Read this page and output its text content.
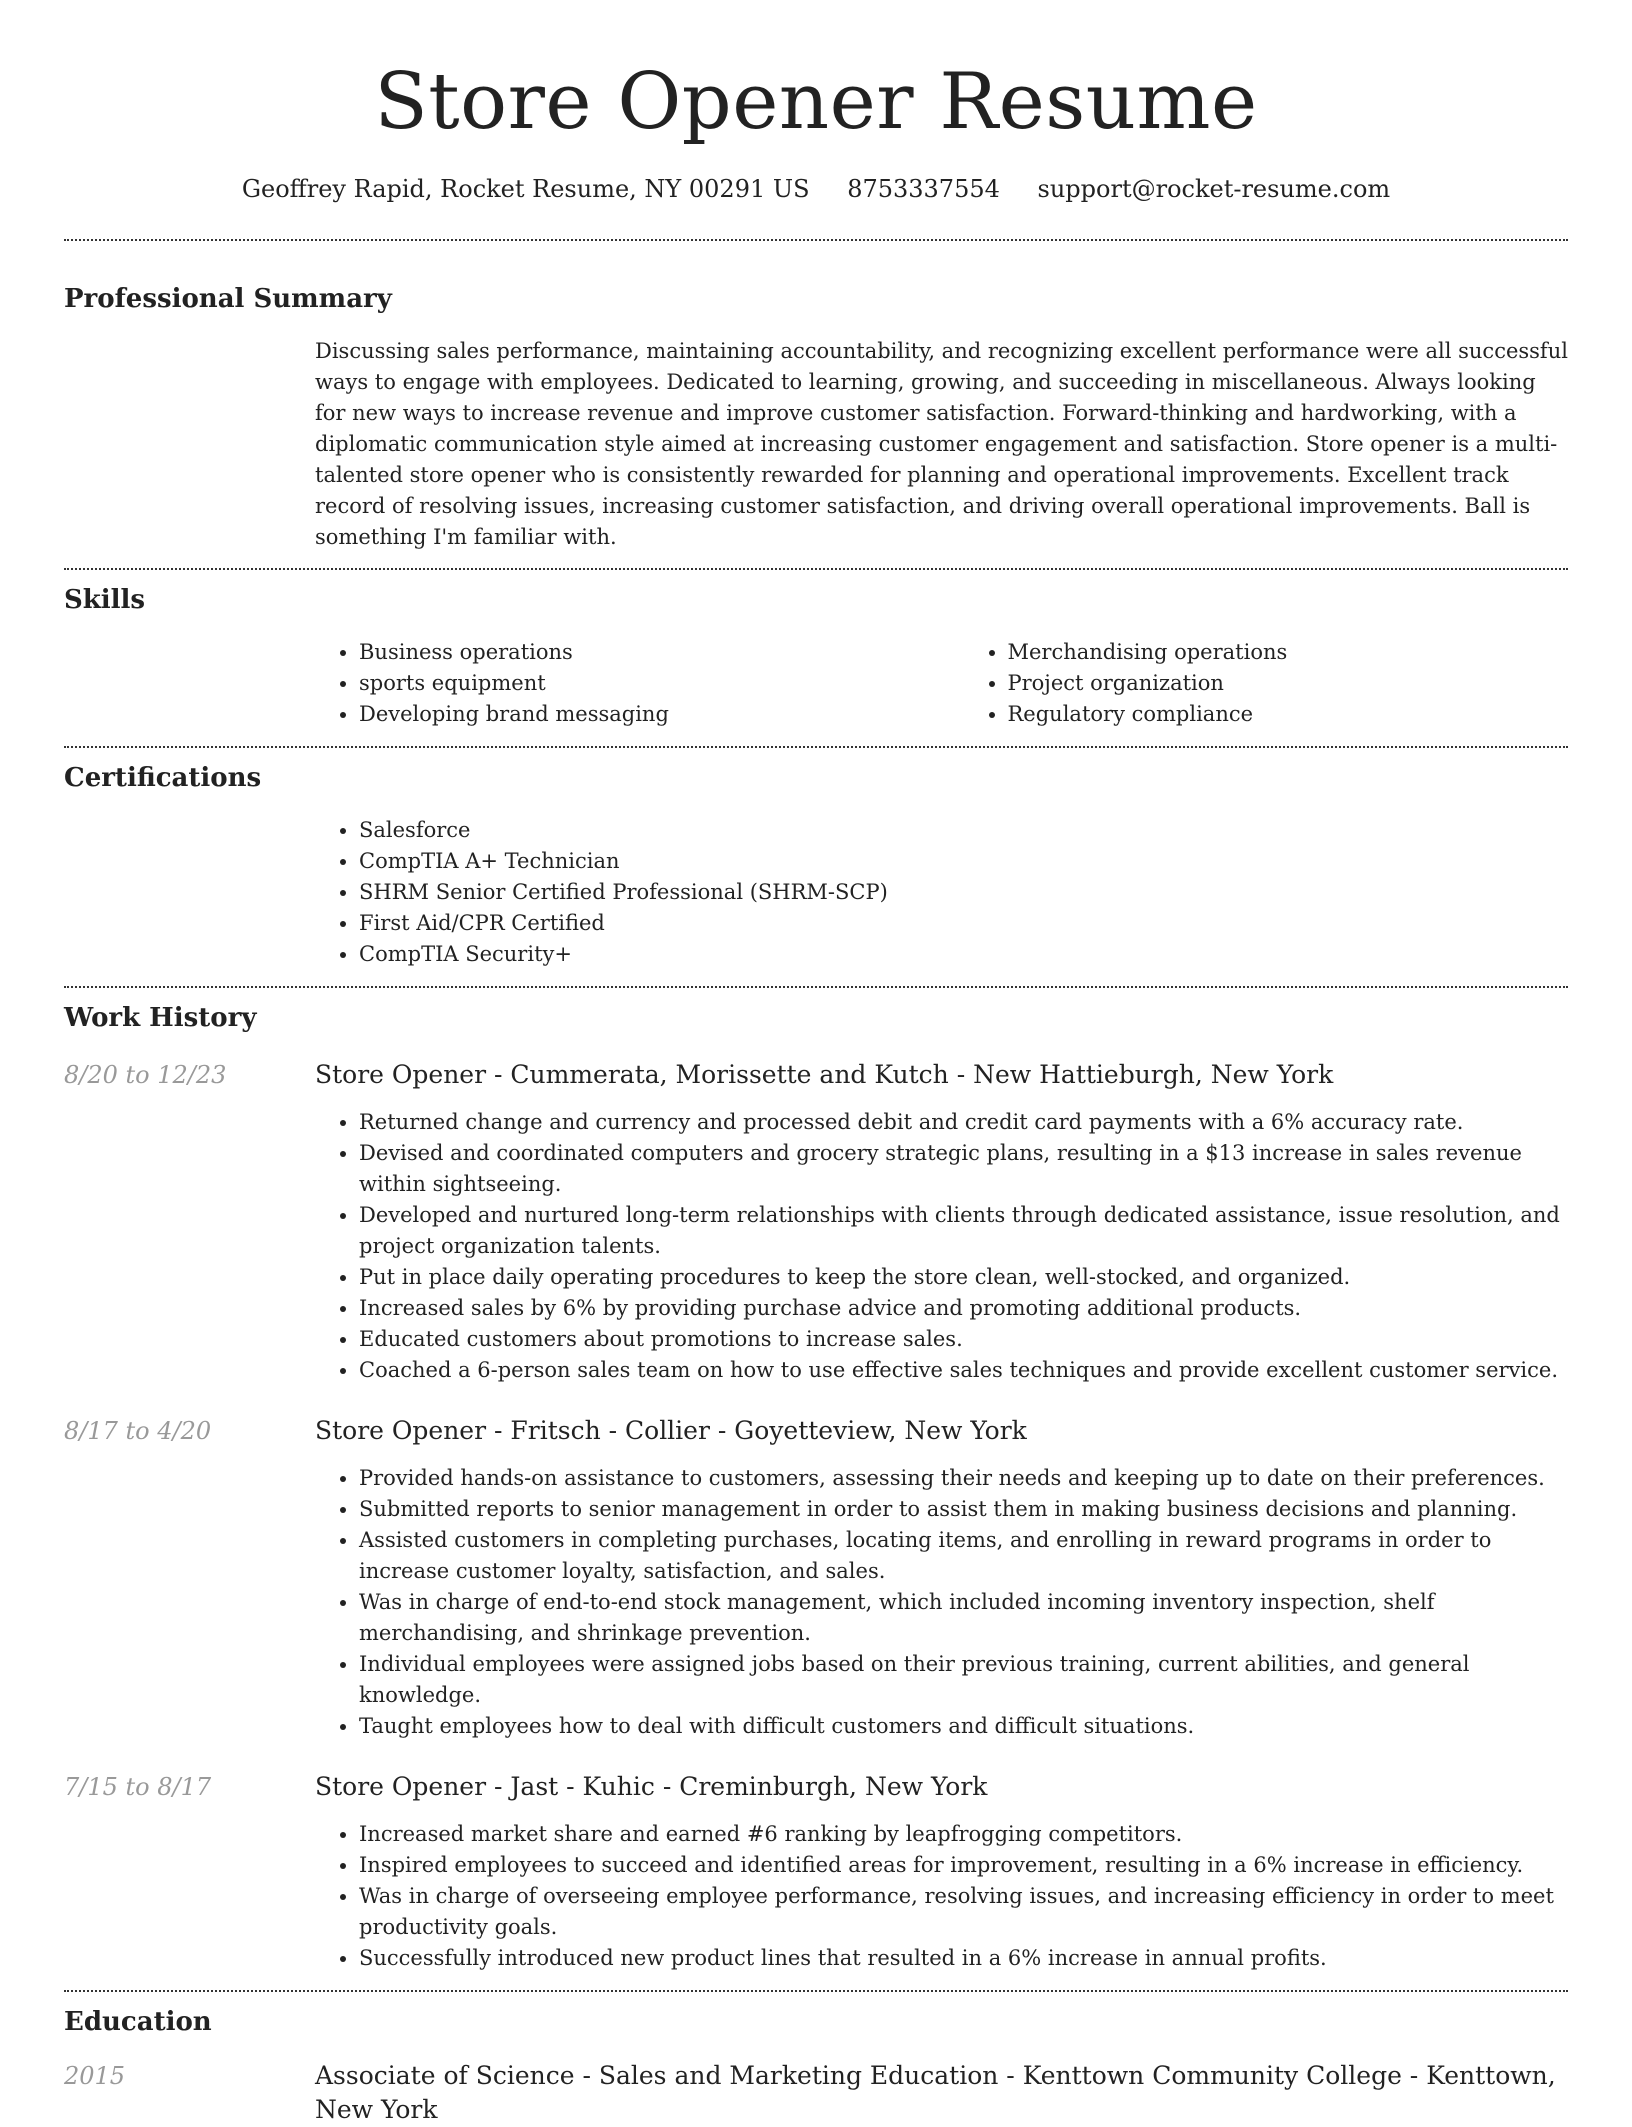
Store Opener Resume
Geoffrey Rapid, Rocket Resume, NY 00291 US 8753337554 support@rocket-resume.com
Professional Summary

Discussing sales performance, maintaining accountability, and recognizing excellent performance were all successful ways to engage with employees. Dedicated to learning, growing, and succeeding in miscellaneous. Always looking for new ways to increase revenue and improve customer satisfaction. Forward-thinking and hardworking, with a diplomatic communication style aimed at increasing customer engagement and satisfaction. Store opener is a multi-talented store opener who is consistently rewarded for planning and operational improvements. Excellent track record of resolving issues, increasing customer satisfaction, and driving overall operational improvements. Ball is something I'm familiar with.

Skills
• Business operations
• sports equipment
• Developing brand messaging
• Merchandising operations
• Project organization
• Regulatory compliance
Certifications
• Salesforce
• CompTIA A+ Technician
• SHRM Senior Certified Professional (SHRM-SCP)
• First Aid/CPR Certified
• CompTIA Security+
Work History
8/20 to 12/23	Store Opener - Cummerata, Morissette and Kutch - New Hattieburgh, New York
• Returned change and currency and processed debit and credit card payments with a 6% accuracy rate.
• Devised and coordinated computers and grocery strategic plans, resulting in a $13 increase in sales revenue within sightseeing.
• Developed and nurtured long-term relationships with clients through dedicated assistance, issue resolution, and project organization talents.
• Put in place daily operating procedures to keep the store clean, well-stocked, and organized.
• Increased sales by 6% by providing purchase advice and promoting additional products.
• Educated customers about promotions to increase sales.
• Coached a 6-person sales team on how to use effective sales techniques and provide excellent customer service.
8/17 to 4/20	Store Opener - Fritsch - Collier - Goyetteview, New York
• Provided hands-on assistance to customers, assessing their needs and keeping up to date on their preferences.
• Submitted reports to senior management in order to assist them in making business decisions and planning.
• Assisted customers in completing purchases, locating items, and enrolling in reward programs in order to increase customer loyalty, satisfaction, and sales.
• Was in charge of end-to-end stock management, which included incoming inventory inspection, shelf merchandising, and shrinkage prevention.
• Individual employees were assigned jobs based on their previous training, current abilities, and general knowledge.
• Taught employees how to deal with difficult customers and difficult situations.
7/15 to 8/17	Store Opener - Jast - Kuhic - Creminburgh, New York
• Increased market share and earned #6 ranking by leapfrogging competitors.
• Inspired employees to succeed and identified areas for improvement, resulting in a 6% increase in efficiency.
• Was in charge of overseeing employee performance, resolving issues, and increasing efficiency in order to meet productivity goals.
• Successfully introduced new product lines that resulted in a 6% increase in annual profits.
Education
2015	Associate of Science - Sales and Marketing Education - Kenttown Community College - Kenttown, New York
